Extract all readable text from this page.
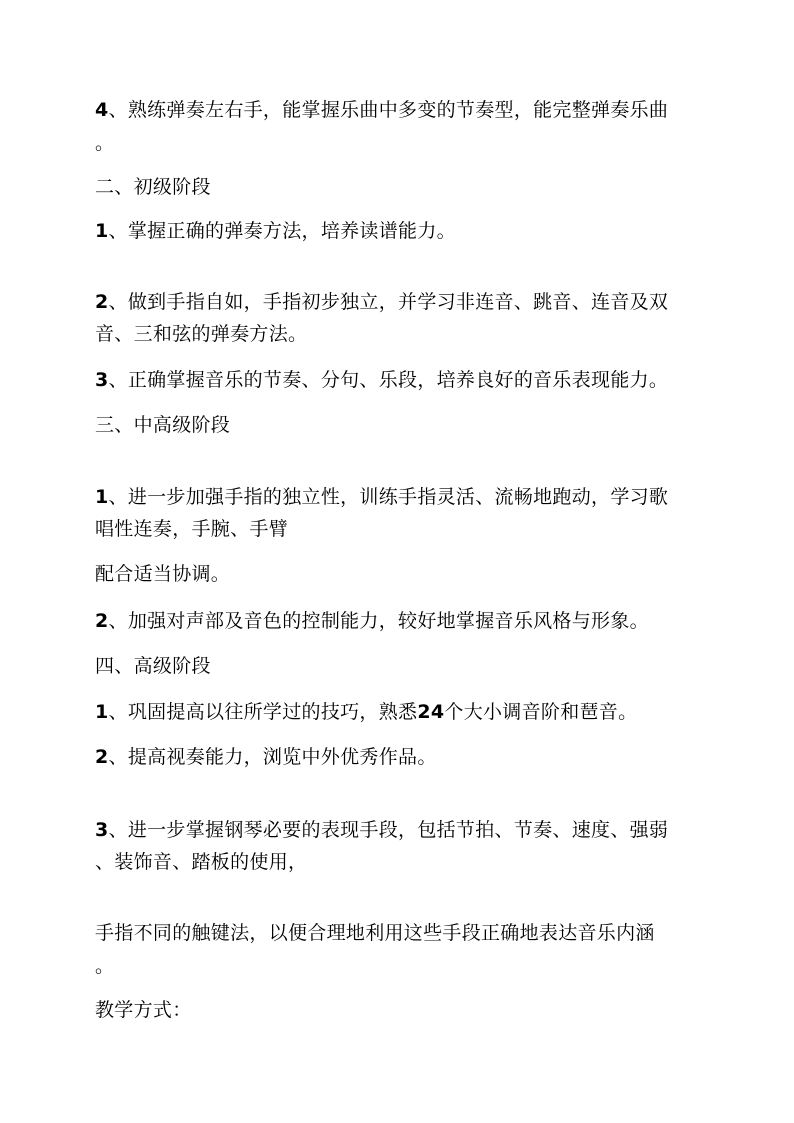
4、熟练弹奏左右手，能掌握乐曲中多变的节奏型，能完整弹奏乐曲
。
二、初级阶段
1、掌握正确的弹奏方法，培养读谱能力。
2、做到手指自如，手指初步独立，并学习非连音、跳音、连音及双
音、三和弦的弹奏方法。
3、正确掌握音乐的节奏、分句、乐段，培养良好的音乐表现能力。
三、中高级阶段
1、进一步加强手指的独立性，训练手指灵活、流畅地跑动，学习歌
唱性连奏，手腕、手臂
配合适当协调。
2、加强对声部及音色的控制能力，较好地掌握音乐风格与形象。
四、高级阶段
1、巩固提高以往所学过的技巧，熟悉24个大小调音阶和琶音。
2、提高视奏能力，浏览中外优秀作品。
3、进一步掌握钢琴必要的表现手段，包括节拍、节奏、速度、强弱
、装饰音、踏板的使用，
手指不同的触键法，以便合理地利用这些手段正确地表达音乐内涵
。
教学方式：
